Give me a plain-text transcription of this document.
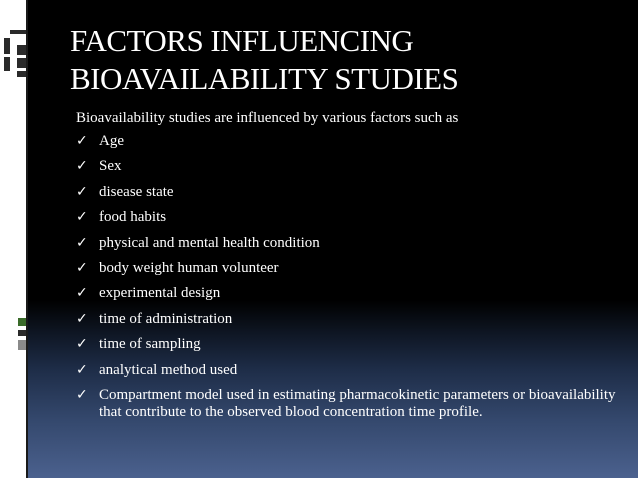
FACTORS INFLUENCING
BIOAVAILABILITY STUDIES

Bioavailability studies are influenced by various factors such as

✓ Age
✓ Sex
✓ disease state
✓ food habits
✓ physical and mental health condition
✓ body weight human volunteer
✓ experimental design
✓ time of administration
✓ time of sampling
✓ analytical method used
✓ Compartment model used in estimating pharmacokinetic parameters or bioavailability that contribute to the observed blood concentration time profile.
